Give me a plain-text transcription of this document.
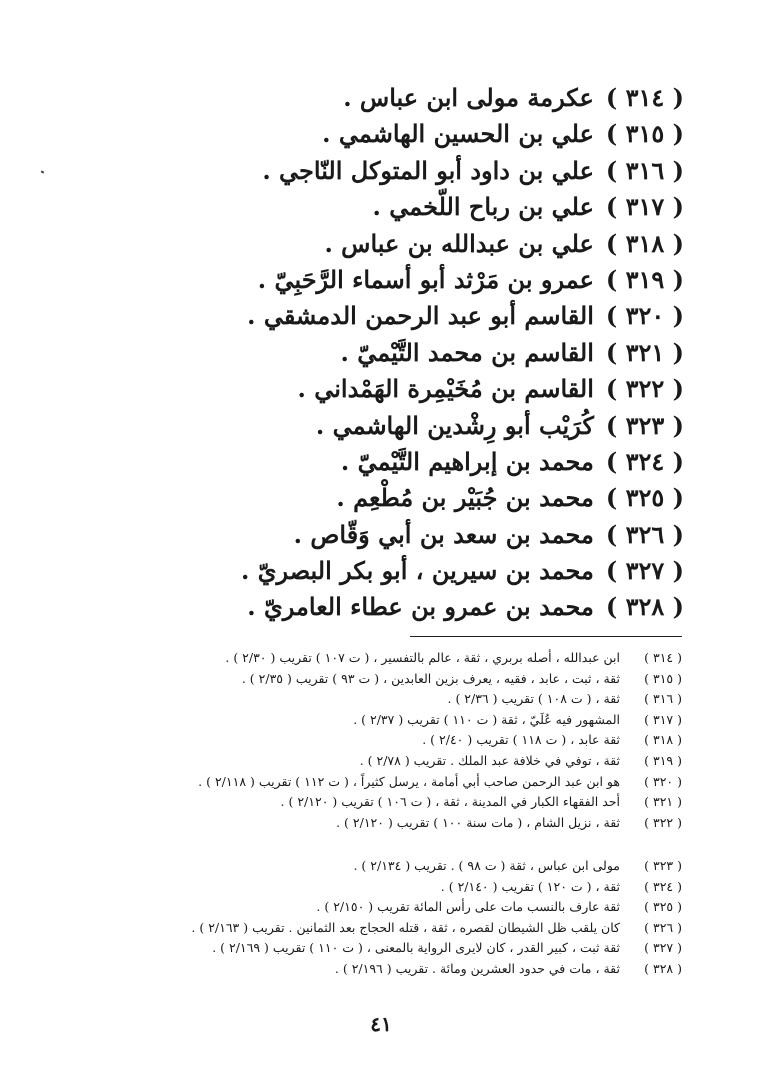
( ٣١٤ )عكرمة مولى ابن عباس .
( ٣١٥ )علي بن الحسين الهاشمي .
( ٣١٦ )علي بن داود أبو المتوكل النّاجي .
( ٣١٧ )علي بن رباح اللّخمي .
( ٣١٨ )علي بن عبدالله بن عباس .
( ٣١٩ )عمرو بن مَرْثد أبو أسماء الرَّحَبِيّ .
( ٣٢٠ )القاسم أبو عبد الرحمن الدمشقي .
( ٣٢١ )القاسم بن محمد التَّيْميّ .
( ٣٢٢ )القاسم بن مُخَيْمِرة الهَمْداني .
( ٣٢٣ )كُرَيْب أبو رِشْدين الهاشمي .
( ٣٢٤ )محمد بن إبراهيم التَّيْميّ .
( ٣٢٥ )محمد بن جُبَيْر بن مُطْعِم .
( ٣٢٦ )محمد بن سعد بن أبي وَقّاص .
( ٣٢٧ )محمد بن سيرين ، أبو بكر البصريّ .
( ٣٢٨ )محمد بن عمرو بن عطاء العامريّ .
( ٣١٤ )ابن عبدالله ، أصله بربري ، ثقة ، عالم بالتفسير ، ( ت ١٠٧ ) تقريب ( ٢/٣٠ ) .
( ٣١٥ )ثقة ، ثبت ، عابد ، فقيه ، يعرف بزين العابدين ، ( ت ٩٣ ) تقريب ( ٢/٣٥ ) .
( ٣١٦ )ثقة ، ( ت ١٠٨ ) تقريب ( ٢/٣٦ ) .
( ٣١٧ )المشهور فيه عُلَيّ ، ثقة ( ت ١١٠ ) تقريب ( ٢/٣٧ ) .
( ٣١٨ )ثقة عابد ، ( ت ١١٨ ) تقريب ( ٢/٤٠ ) .
( ٣١٩ )ثقة ، توفي في خلافة عبد الملك . تقريب ( ٢/٧٨ ) .
( ٣٢٠ )هو ابن عبد الرحمن صاحب أبي أمامة ، يرسل كثيراً ، ( ت ١١٢ ) تقريب ( ٢/١١٨ ) .
( ٣٢١ )أحد الفقهاء الكبار في المدينة ، ثقة ، ( ت ١٠٦ ) تقريب ( ٢/١٢٠ ) .
( ٣٢٢ )ثقة ، نزيل الشام ، ( مات سنة ١٠٠ ) تقريب ( ٢/١٢٠ ) .
( ٣٢٣ )مولى ابن عباس ، ثقة ( ت ٩٨ ) . تقريب ( ٢/١٣٤ ) .
( ٣٢٤ )ثقة ، ( ت ١٢٠ ) تقريب ( ٢/١٤٠ ) .
( ٣٢٥ )ثقة عارف بالنسب مات على رأس المائة تقريب ( ٢/١٥٠ ) .
( ٣٢٦ )كان يلقب ظل الشيطان لقصره ، ثقة ، قتله الحجاج بعد الثمانين . تقريب ( ٢/١٦٣ ) .
( ٣٢٧ )ثقة ثبت ، كبير القدر ، كان لايرى الرواية بالمعنى ، ( ت ١١٠ ) تقريب ( ٢/١٦٩ ) .
( ٣٢٨ )ثقة ، مات في حدود العشرين ومائة . تقريب ( ٢/١٩٦ ) .
٤١
